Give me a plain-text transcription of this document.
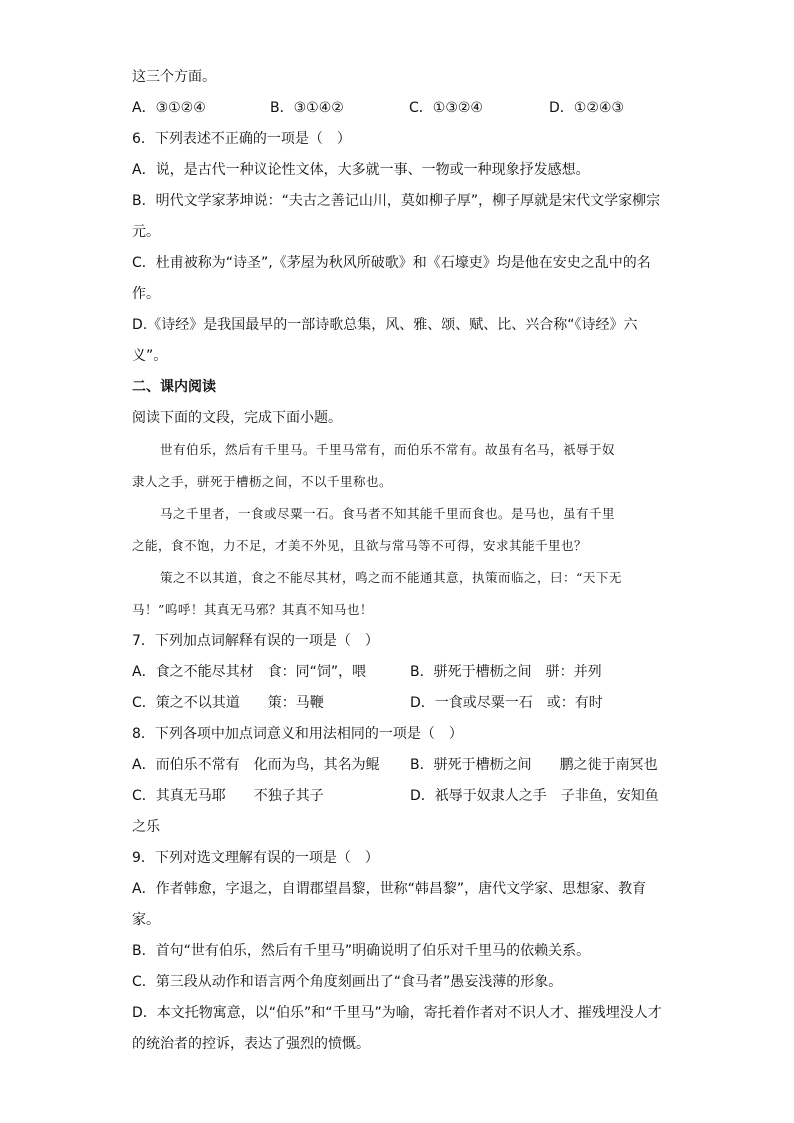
这三个方面。
A．③①②④	B．③①④②	C．①③②④	D．①②④③
6．下列表述不正确的一项是（　）
A．说，是古代一种议论性文体，大多就一事、一物或一种现象抒发感想。
B．明代文学家茅坤说：“夫古之善记山川，莫如柳子厚”，柳子厚就是宋代文学家柳宗
元。
C．杜甫被称为“诗圣”,《茅屋为秋风所破歌》和《石壕吏》均是他在安史之乱中的名
作。
D.《诗经》是我国最早的一部诗歌总集，风、雅、颂、赋、比、兴合称“《诗经》六
义”。
二、课内阅读
阅读下面的文段，完成下面小题。
世有伯乐，然后有千里马。千里马常有，而伯乐不常有。故虽有名马，祇辱于奴
隶人之手，骈死于槽枥之间，不以千里称也。
马之千里者，一食或尽粟一石。食马者不知其能千里而食也。是马也，虽有千里
之能，食不饱，力不足，才美不外见，且欲与常马等不可得，安求其能千里也？
策之不以其道，食之不能尽其材，鸣之而不能通其意，执策而临之，曰：“天下无
马！”呜呼！其真无马邪？其真不知马也！
7．下列加点词解释有误的一项是（　）
A．食之不能尽其材　食：同“饲”，喂	B．骈死于槽枥之间　骈：并列
C．策之不以其道　　策：马鞭	D．一食或尽粟一石　或：有时
8．下列各项中加点词意义和用法相同的一项是（　）
A．而伯乐不常有　化而为鸟，其名为鲲	B．骈死于槽枥之间　　鹏之徙于南冥也
C．其真无马耶　　不独子其子	D．祇辱于奴隶人之手　子非鱼，安知鱼
之乐
9．下列对选文理解有误的一项是（　）
A．作者韩愈，字退之，自谓郡望昌黎，世称“韩昌黎”，唐代文学家、思想家、教育
家。
B．首句“世有伯乐，然后有千里马”明确说明了伯乐对千里马的依赖关系。
C．第三段从动作和语言两个角度刻画出了“食马者”愚妄浅薄的形象。
D．本文托物寓意，以“伯乐”和“千里马”为喻，寄托着作者对不识人才、摧残埋没人才
的统治者的控诉，表达了强烈的愤慨。
